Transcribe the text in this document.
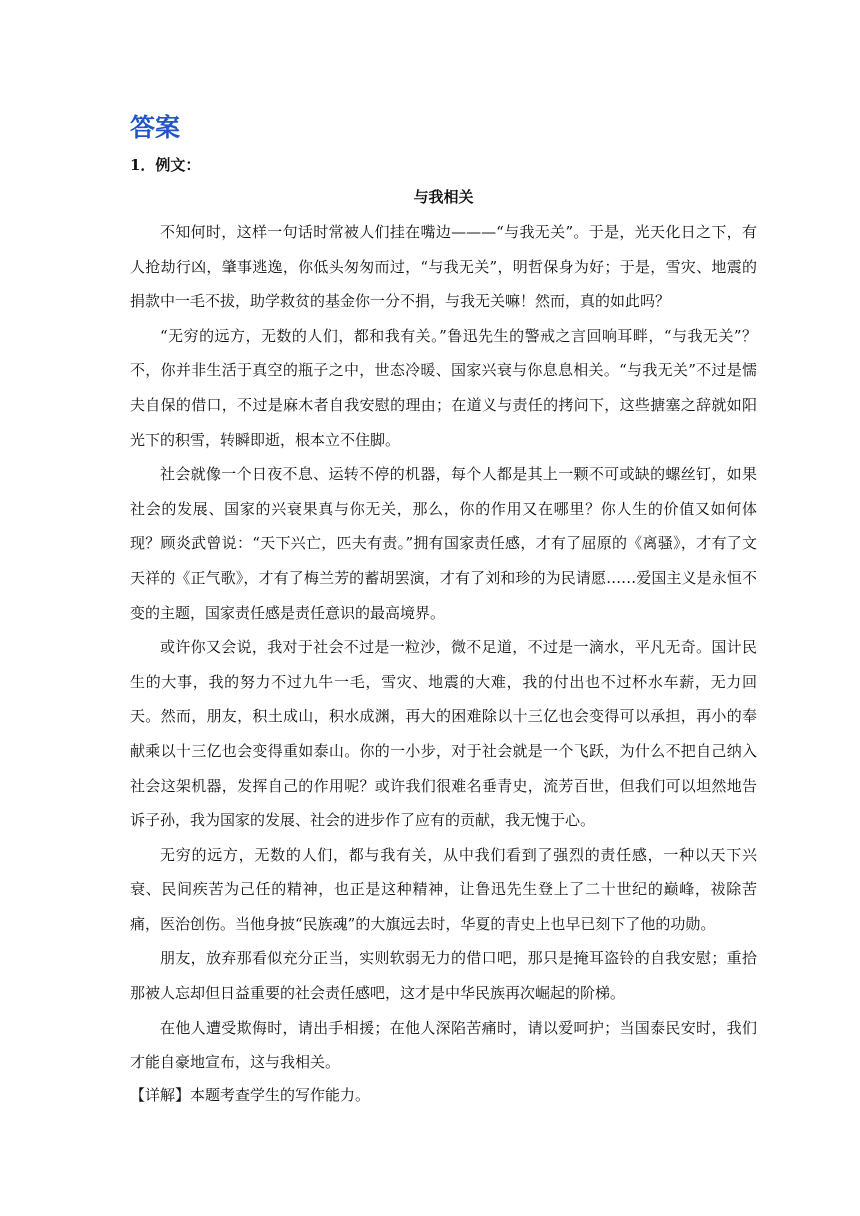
答案
1．例文：
与我相关

不知何时，这样一句话时常被人们挂在嘴边———“与我无关”。于是，光天化日之下，有人抢劫行凶，肇事逃逸，你低头匆匆而过，“与我无关”，明哲保身为好；于是，雪灾、地震的捐款中一毛不拔，助学救贫的基金你一分不捐，与我无关嘛！然而，真的如此吗？

“无穷的远方，无数的人们，都和我有关。”鲁迅先生的警戒之言回响耳畔，“与我无关”？不，你并非生活于真空的瓶子之中，世态冷暖、国家兴衰与你息息相关。“与我无关”不过是懦夫自保的借口，不过是麻木者自我安慰的理由；在道义与责任的拷问下，这些搪塞之辞就如阳光下的积雪，转瞬即逝，根本立不住脚。

社会就像一个日夜不息、运转不停的机器，每个人都是其上一颗不可或缺的螺丝钉，如果社会的发展、国家的兴衰果真与你无关，那么，你的作用又在哪里？你人生的价值又如何体现？顾炎武曾说：“天下兴亡，匹夫有责。”拥有国家责任感，才有了屈原的《离骚》，才有了文天祥的《正气歌》，才有了梅兰芳的蓄胡罢演，才有了刘和珍的为民请愿……爱国主义是永恒不变的主题，国家责任感是责任意识的最高境界。

或许你又会说，我对于社会不过是一粒沙，微不足道，不过是一滴水，平凡无奇。国计民生的大事，我的努力不过九牛一毛，雪灾、地震的大难，我的付出也不过杯水车薪，无力回天。然而，朋友，积土成山，积水成渊，再大的困难除以十三亿也会变得可以承担，再小的奉献乘以十三亿也会变得重如泰山。你的一小步，对于社会就是一个飞跃，为什么不把自己纳入社会这架机器，发挥自己的作用呢？或许我们很难名垂青史，流芳百世，但我们可以坦然地告诉子孙，我为国家的发展、社会的进步作了应有的贡献，我无愧于心。

无穷的远方，无数的人们，都与我有关，从中我们看到了强烈的责任感，一种以天下兴衰、民间疾苦为己任的精神，也正是这种精神，让鲁迅先生登上了二十世纪的巅峰，祓除苦痛，医治创伤。当他身披“民族魂”的大旗远去时，华夏的青史上也早已刻下了他的功勋。

朋友，放弃那看似充分正当，实则软弱无力的借口吧，那只是掩耳盗铃的自我安慰；重拾那被人忘却但日益重要的社会责任感吧，这才是中华民族再次崛起的阶梯。

在他人遭受欺侮时，请出手相援；在他人深陷苦痛时，请以爱呵护；当国泰民安时，我们才能自豪地宣布，这与我相关。

【详解】本题考查学生的写作能力。
